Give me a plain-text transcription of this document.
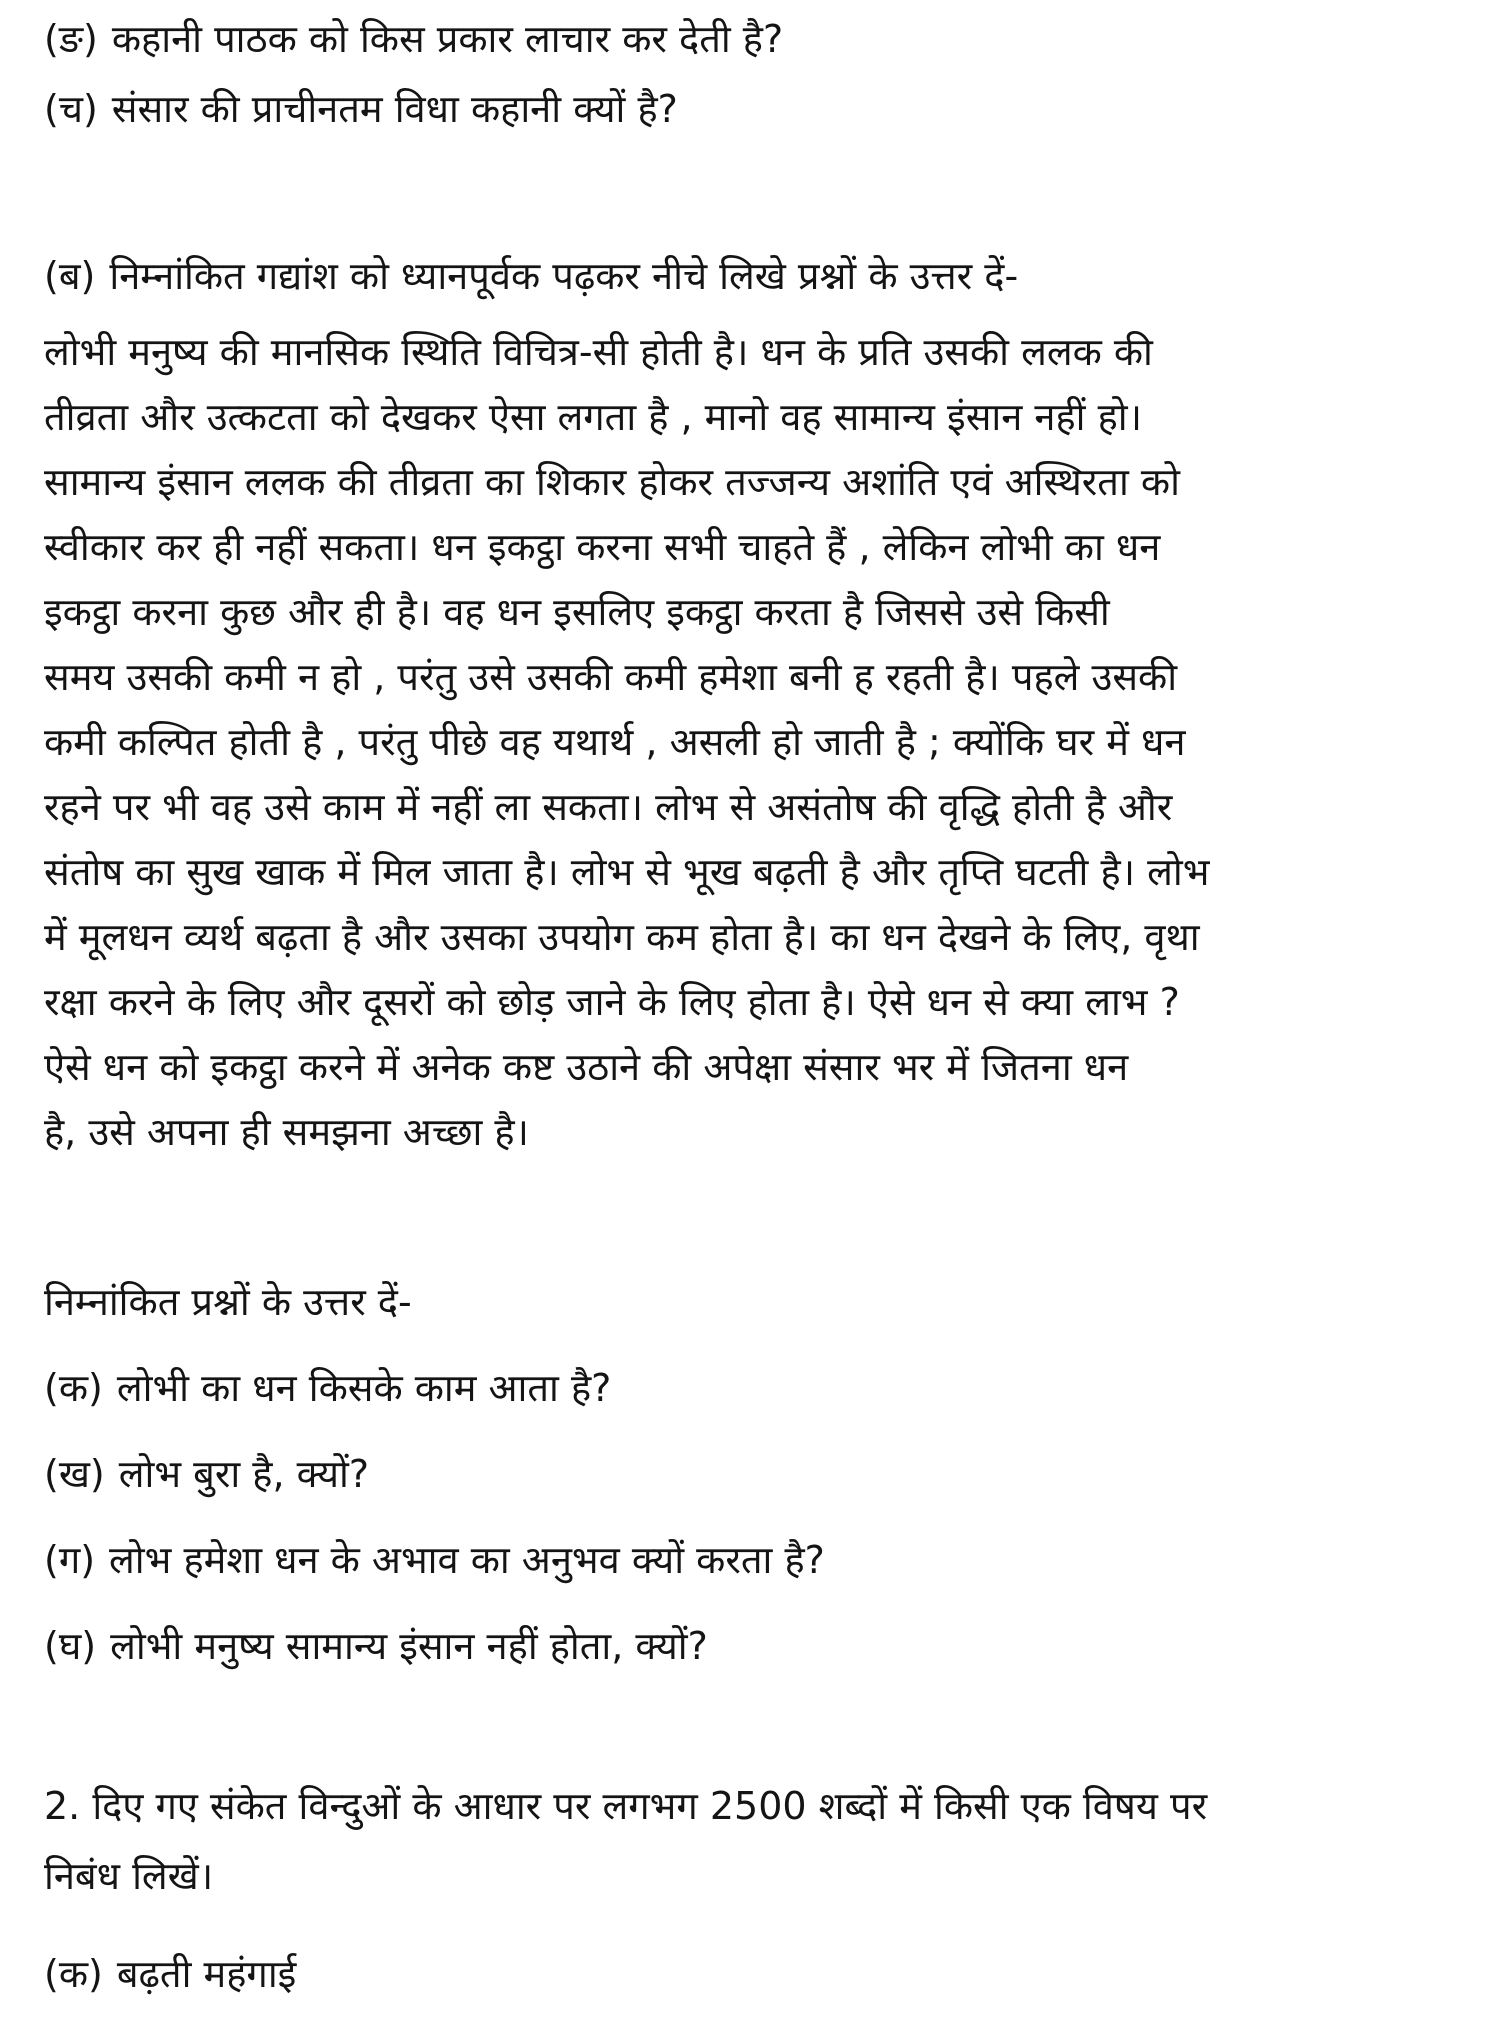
(ङ) कहानी पाठक को किस प्रकार लाचार कर देती है?
(च) संसार की प्राचीनतम विधा कहानी क्यों है?
(ब) निम्नांकित गद्यांश को ध्यानपूर्वक पढ़कर नीचे लिखे प्रश्नों के उत्तर दें-
लोभी मनुष्य की मानसिक स्थिति विचित्र-सी होती है। धन के प्रति उसकी ललक की
तीव्रता और उत्कटता को देखकर ऐसा लगता है , मानो वह सामान्य इंसान नहीं हो।
सामान्य इंसान ललक की तीव्रता का शिकार होकर तज्जन्य अशांति एवं अस्थिरता को
स्वीकार कर ही नहीं सकता। धन इकट्ठा करना सभी चाहते हैं , लेकिन लोभी का धन
इकट्ठा करना कुछ और ही है। वह धन इसलिए इकट्ठा करता है जिससे उसे किसी
समय उसकी कमी न हो , परंतु उसे उसकी कमी हमेशा बनी ह रहती है। पहले उसकी
कमी कल्पित होती है , परंतु पीछे वह यथार्थ , असली हो जाती है ; क्योंकि घर में धन
रहने पर भी वह उसे काम में नहीं ला सकता। लोभ से असंतोष की वृद्धि होती है और
संतोष का सुख खाक में मिल जाता है। लोभ से भूख बढ़ती है और तृप्ति घटती है। लोभ
में मूलधन व्यर्थ बढ़ता है और उसका उपयोग कम होता है। का धन देखने के लिए, वृथा
रक्षा करने के लिए और दूसरों को छोड़ जाने के लिए होता है। ऐसे धन से क्या लाभ ?
ऐसे धन को इकट्ठा करने में अनेक कष्ट उठाने की अपेक्षा संसार भर में जितना धन
है, उसे अपना ही समझना अच्छा है।
निम्नांकित प्रश्नों के उत्तर दें-
(क) लोभी का धन किसके काम आता है?
(ख) लोभ बुरा है, क्यों?
(ग) लोभ हमेशा धन के अभाव का अनुभव क्यों करता है?
(घ) लोभी मनुष्य सामान्य इंसान नहीं होता, क्यों?
2. दिए गए संकेत विन्दुओं के आधार पर लगभग 2500 शब्दों में किसी एक विषय पर
निबंध लिखें।
(क) बढ़ती महंगाई
